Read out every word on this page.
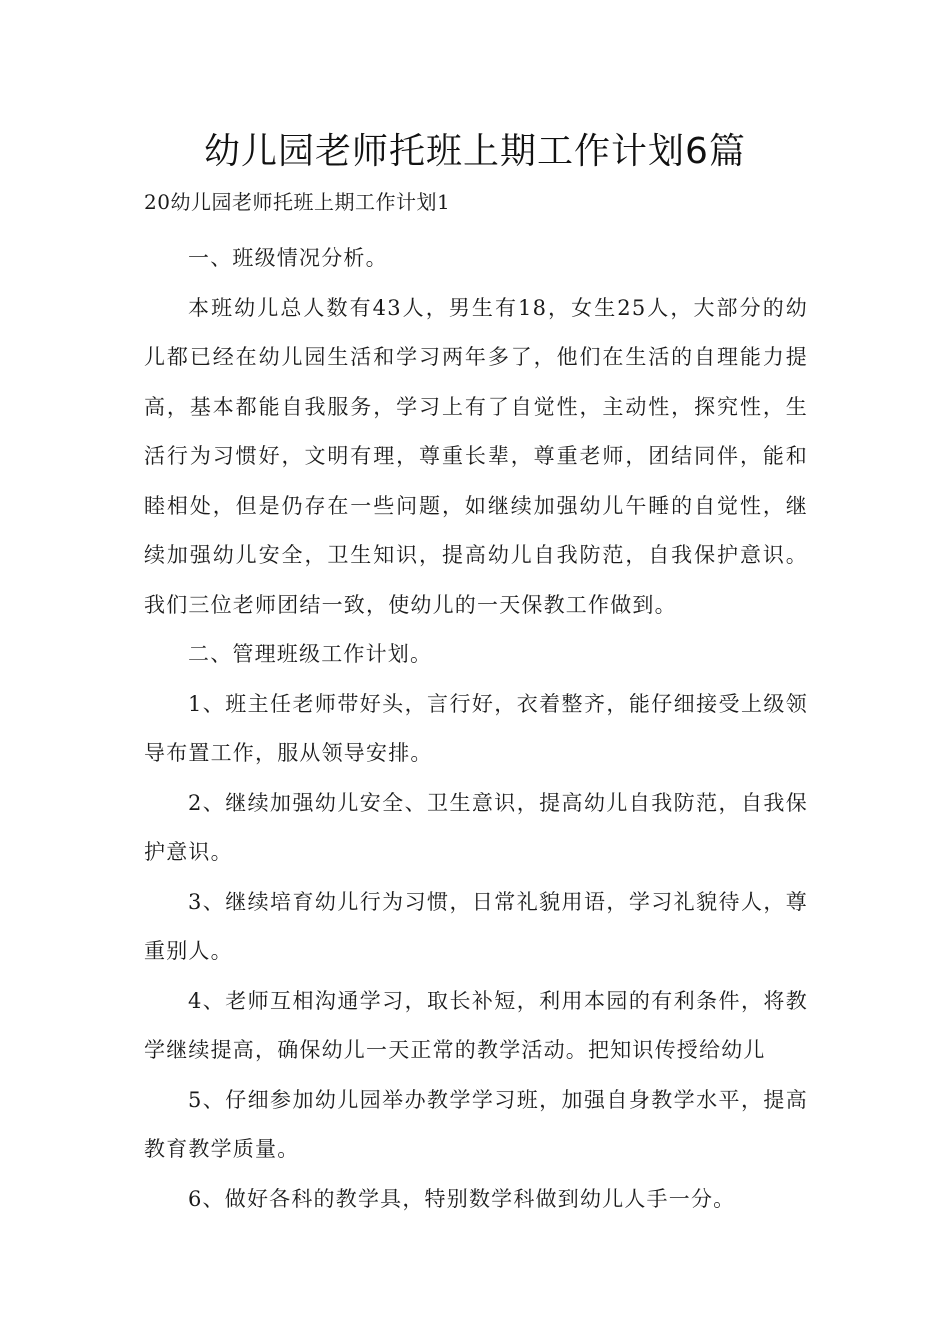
幼儿园老师托班上期工作计划6篇

20幼儿园老师托班上期工作计划1

一、班级情况分析。

本班幼儿总人数有43人，男生有18，女生25人，大部分的幼儿都已经在幼儿园生活和学习两年多了，他们在生活的自理能力提高，基本都能自我服务，学习上有了自觉性，主动性，探究性，生活行为习惯好，文明有理，尊重长辈，尊重老师，团结同伴，能和睦相处，但是仍存在一些问题，如继续加强幼儿午睡的自觉性，继续加强幼儿安全，卫生知识，提高幼儿自我防范，自我保护意识。我们三位老师团结一致，使幼儿的一天保教工作做到。

二、管理班级工作计划。

1、班主任老师带好头，言行好，衣着整齐，能仔细接受上级领导布置工作，服从领导安排。

2、继续加强幼儿安全、卫生意识，提高幼儿自我防范，自我保护意识。

3、继续培育幼儿行为习惯，日常礼貌用语，学习礼貌待人，尊重别人。

4、老师互相沟通学习，取长补短，利用本园的有利条件，将教学继续提高，确保幼儿一天正常的教学活动。把知识传授给幼儿

5、仔细参加幼儿园举办教学学习班，加强自身教学水平，提高教育教学质量。

6、做好各科的教学具，特别数学科做到幼儿人手一分。
